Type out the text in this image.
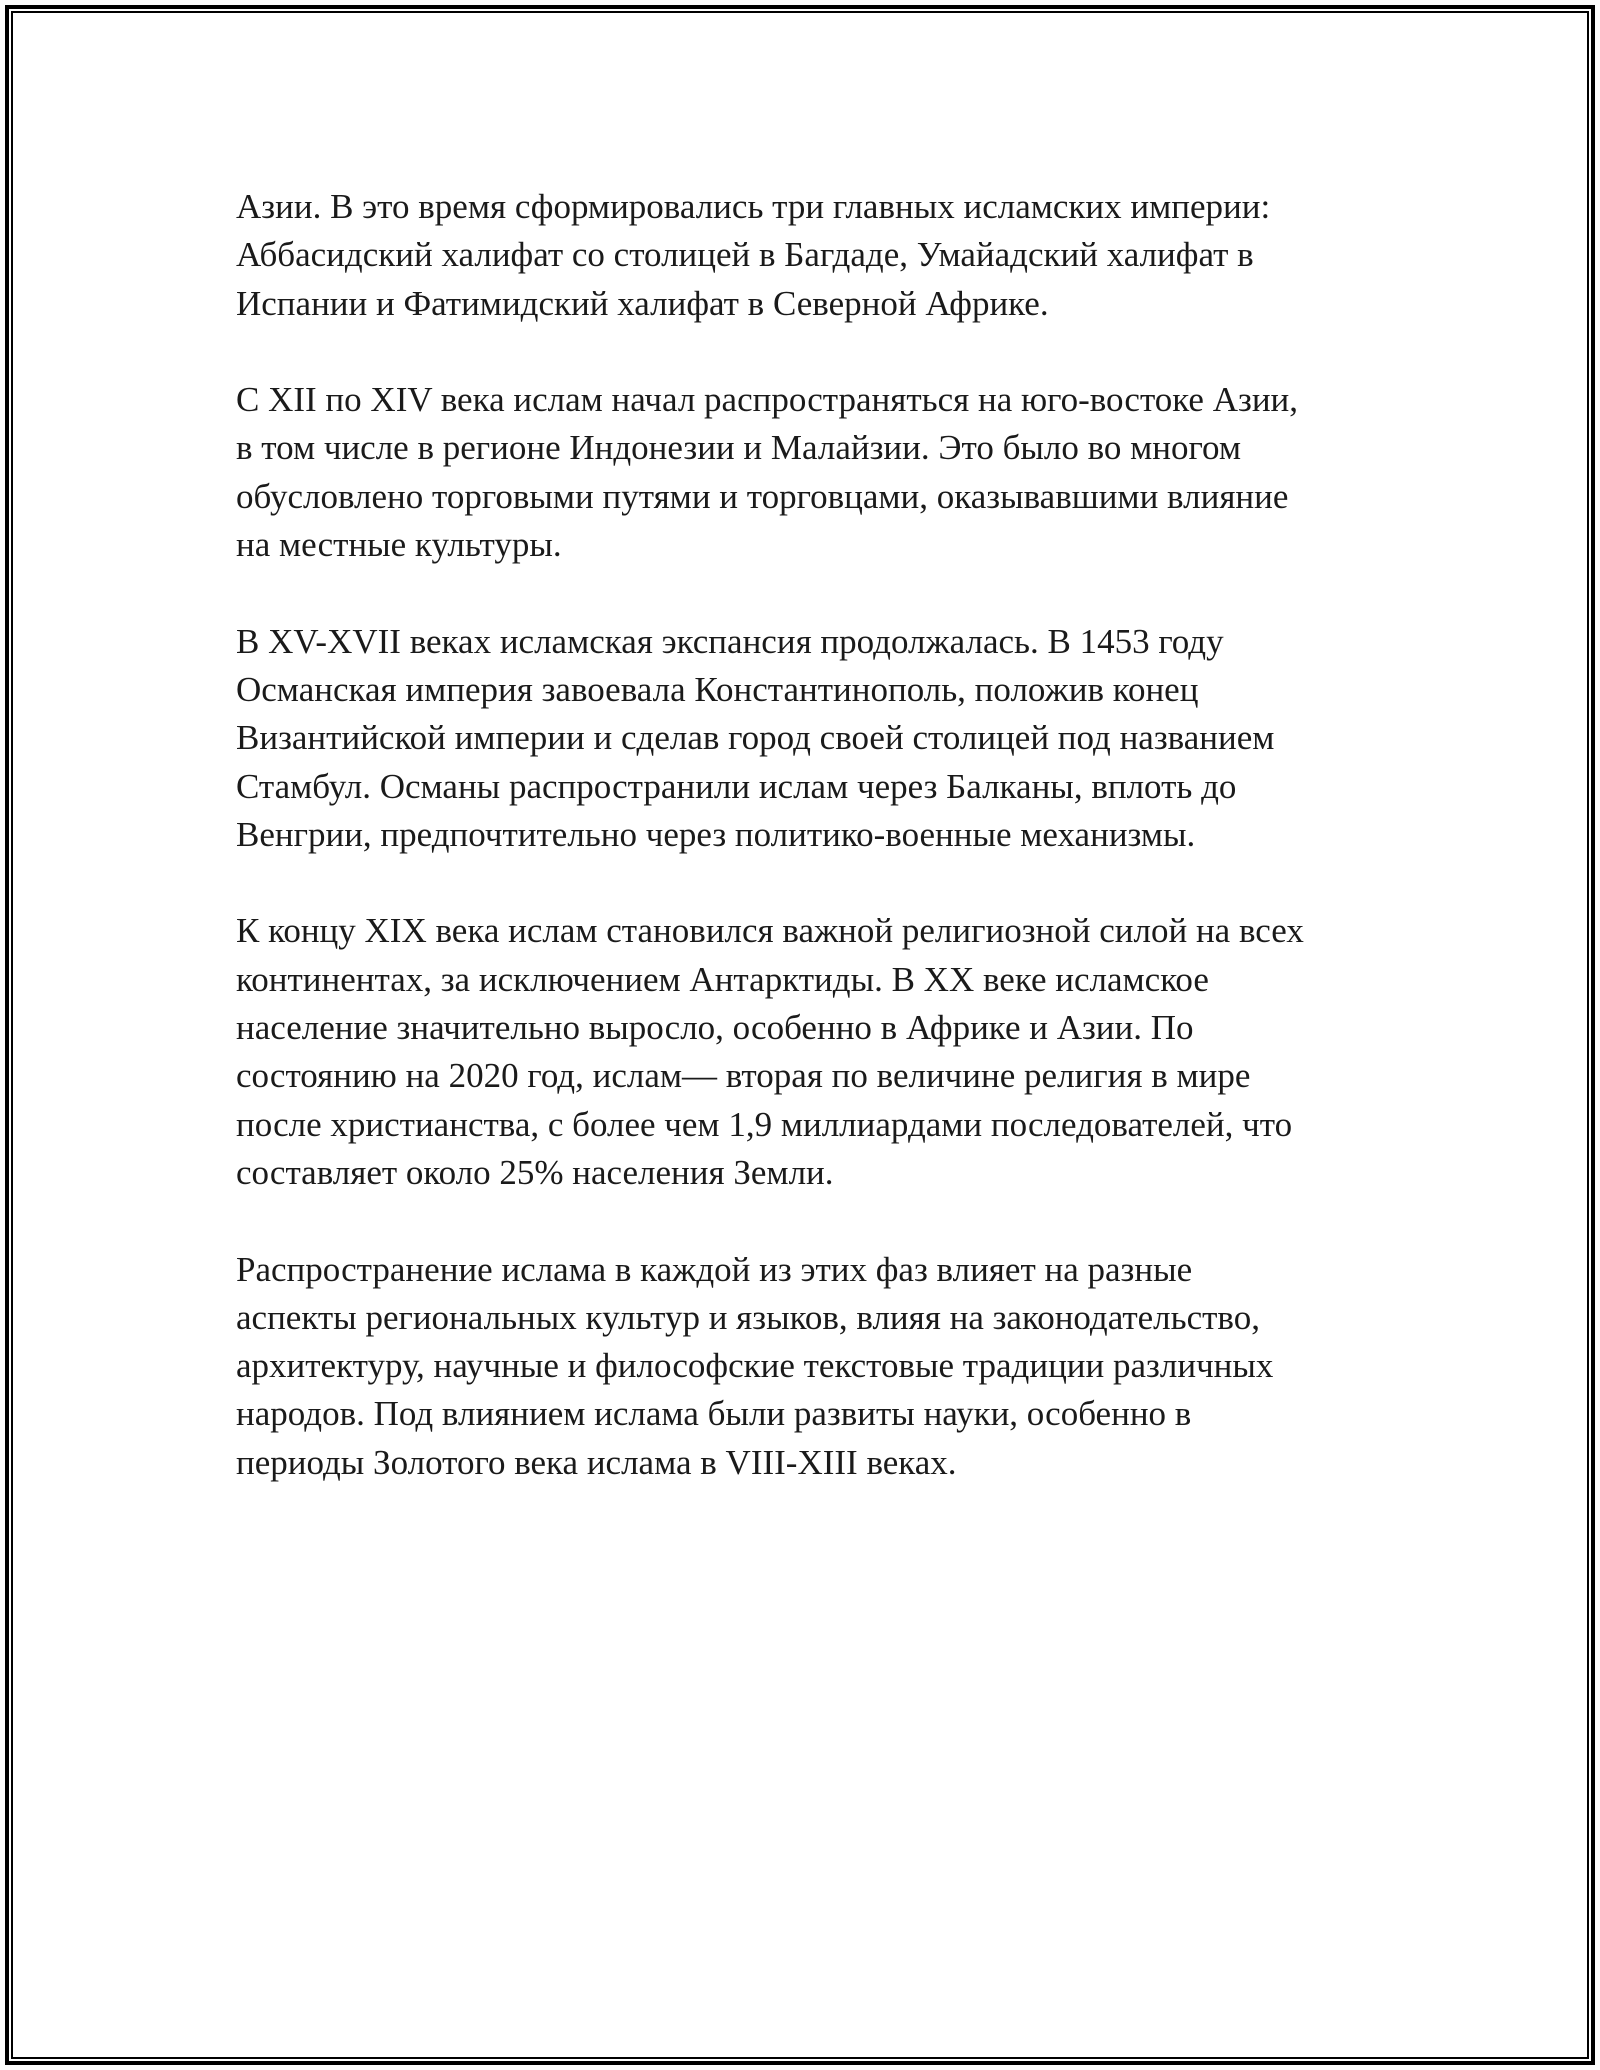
Азии. В это время сформировались три главных исламских империи:
Аббасидский халифат со столицей в Багдаде, Умайадский халифат в
Испании и Фатимидский халифат в Северной Африке.

С XII по XIV века ислам начал распространяться на юго-востоке Азии,
в том числе в регионе Индонезии и Малайзии. Это было во многом
обусловлено торговыми путями и торговцами, оказывавшими влияние
на местные культуры.

В XV-XVII веках исламская экспансия продолжалась. В 1453 году
Османская империя завоевала Константинополь, положив конец
Византийской империи и сделав город своей столицей под названием
Стамбул. Османы распространили ислам через Балканы, вплоть до
Венгрии, предпочтительно через политико-военные механизмы.

К концу XIX века ислам становился важной религиозной силой на всех
континентах, за исключением Антарктиды. В XX веке исламское
население значительно выросло, особенно в Африке и Азии. По
состоянию на 2020 год, ислам— вторая по величине религия в мире
после христианства, с более чем 1,9 миллиардами последователей, что
составляет около 25% населения Земли.

Распространение ислама в каждой из этих фаз влияет на разные
аспекты региональных культур и языков, влияя на законодательство,
архитектуру, научные и философские текстовые традиции различных
народов. Под влиянием ислама были развиты науки, особенно в
периоды Золотого века ислама в VIII-XIII веках.
